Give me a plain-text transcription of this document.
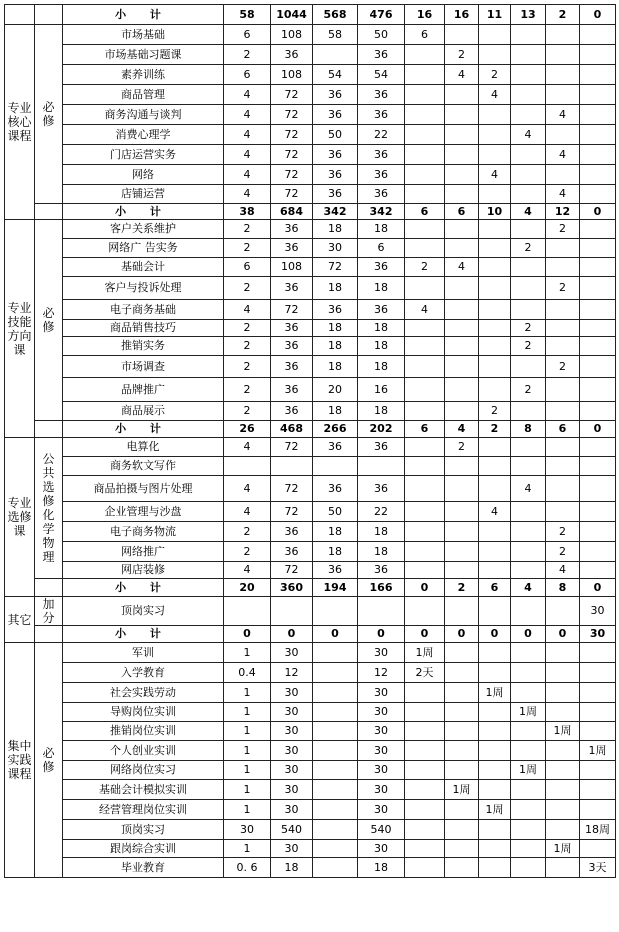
		小 计	58	1044	568	476	16	16	11	13	2	0
专业核心课程	必修	市场基础	6	108	58	50	6					
		市场基础习题课	2	36		36		2				
		素养训练	6	108	54	54		4	2			
		商品管理	4	72	36	36			4			
		商务沟通与谈判	4	72	36	36					4	
		消费心理学	4	72	50	22				4		
		门店运营实务	4	72	36	36					4	
		网络	4	72	36	36			4			
		店铺运营	4	72	36	36					4	
		小 计	38	684	342	342	6	6	10	4	12	0
专业技能方向课	必修	客户关系维护	2	36	18	18					2	
		网络广 告实务	2	36	30	6				2		
		基础会计	6	108	72	36	2	4				
		客户与投诉处理	2	36	18	18					2	
		电子商务基础	4	72	36	36	4					
		商品销售技巧	2	36	18	18				2		
		推销实务	2	36	18	18				2		
		市场调查	2	36	18	18					2	
		品牌推广	2	36	20	16				2		
		商品展示	2	36	18	18			2			
		小 计	26	468	266	202	6	4	2	8	6	0
专业选修课	公共选修化学物理	电算化	4	72	36	36		2				
		商务软文写作										
		商品拍摄与图片处理	4	72	36	36				4		
		企业管理与沙盘	4	72	50	22			4			
		电子商务物流	2	36	18	18					2	
		网络推广	2	36	18	18					2	
		网店装修	4	72	36	36					4	
		小 计	20	360	194	166	0	2	6	4	8	0
其它	加分	顶岗实习										30
		小 计	0	0	0	0	0	0	0	0	0	30
集中实践课程	必修	军训	1	30		30	1周					
		入学教育	0.4	12		12	2天					
		社会实践劳动	1	30		30			1周			
		导购岗位实训	1	30		30				1周		
		推销岗位实训	1	30		30					1周	
		个人创业实训	1	30		30						1周
		网络岗位实习	1	30		30				1周		
		基础会计模拟实训	1	30		30		1周				
		经营管理岗位实训	1	30		30			1周			
		顶岗实习	30	540		540						18周
		跟岗综合实训	1	30		30					1周	
		毕业教育	0. 6	18		18						3天
